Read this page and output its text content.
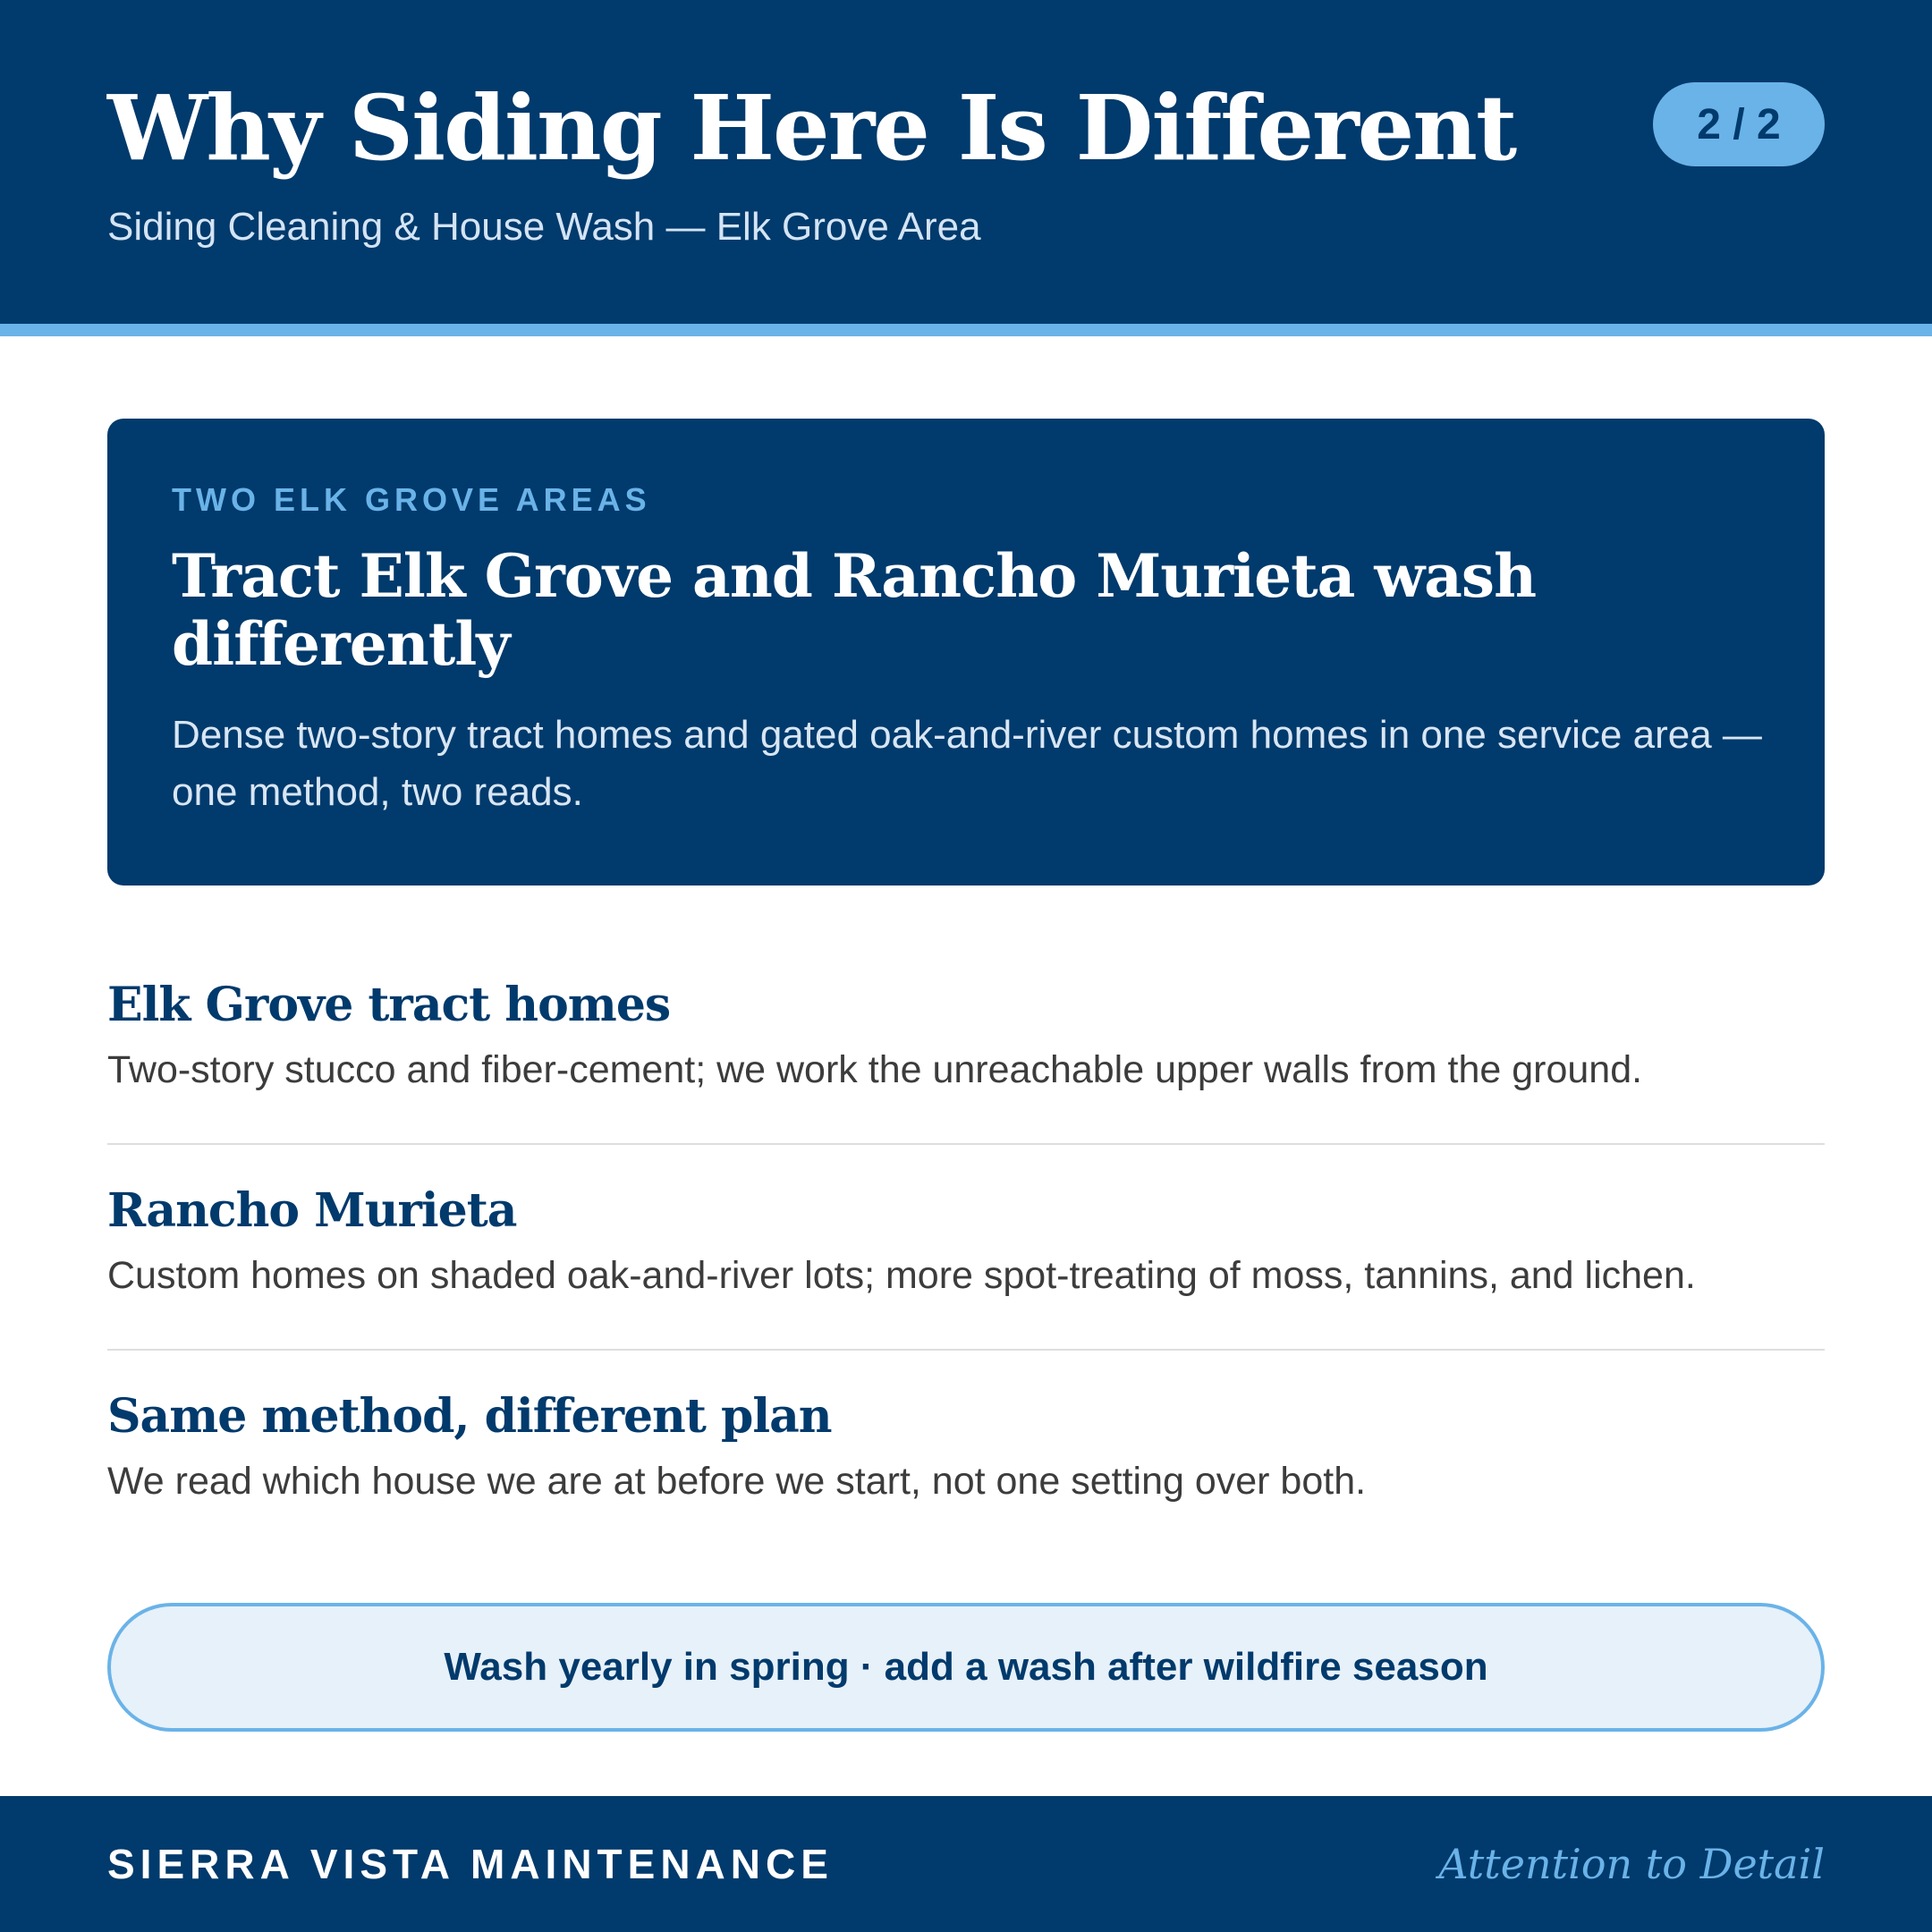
Why Siding Here Is Different
Siding Cleaning & House Wash — Elk Grove Area
2 / 2
TWO ELK GROVE AREAS
Tract Elk Grove and Rancho Murieta wash differently

Dense two-story tract homes and gated oak-and-river custom homes in one service area — one method, two reads.

Elk Grove tract homes

Two-story stucco and fiber-cement; we work the unreachable upper walls from the ground.

Rancho Murieta

Custom homes on shaded oak-and-river lots; more spot-treating of moss, tannins, and lichen.

Same method, different plan

We read which house we are at before we start, not one setting over both.

Wash yearly in spring · add a wash after wildfire season
SIERRA VISTA MAINTENANCE	Attention to Detail
